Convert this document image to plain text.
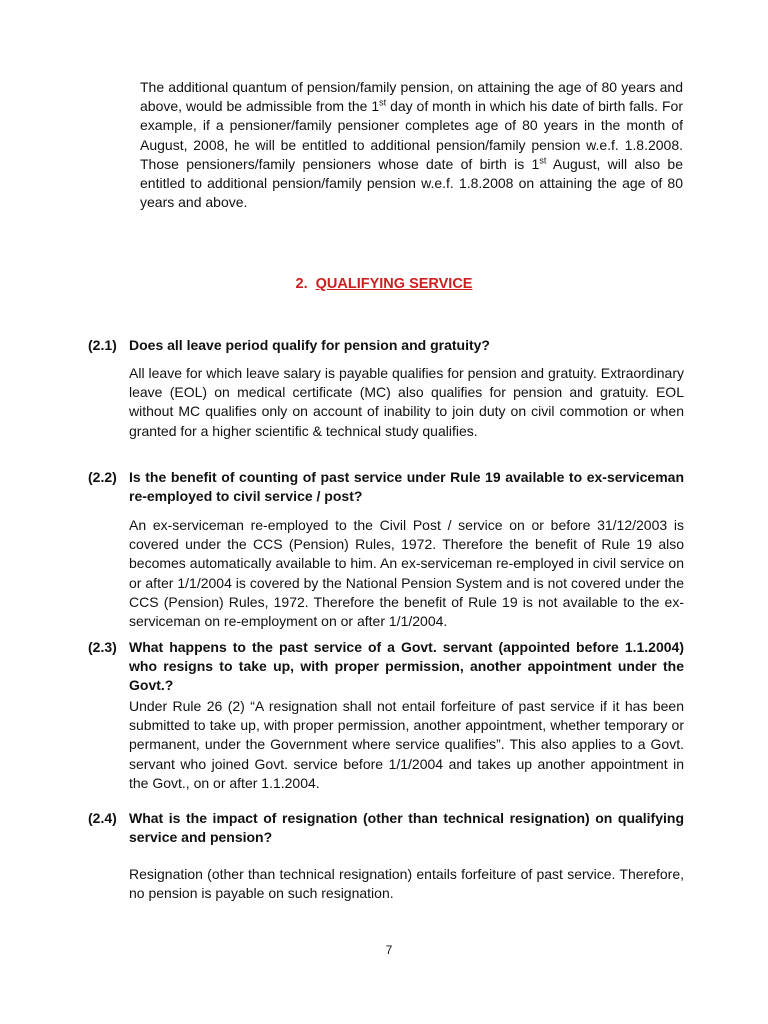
The additional quantum of pension/family pension, on attaining the age of 80 years and above, would be admissible from the 1st day of month in which his date of birth falls. For example, if a pensioner/family pensioner completes age of 80 years in the month of August, 2008, he will be entitled to additional pension/family pension w.e.f. 1.8.2008. Those pensioners/family pensioners whose date of birth is 1st August, will also be entitled to additional pension/family pension w.e.f. 1.8.2008 on attaining the age of 80 years and above.

2. QUALIFYING SERVICE
(2.1) Does all leave period qualify for pension and gratuity?

All leave for which leave salary is payable qualifies for pension and gratuity. Extraordinary leave (EOL) on medical certificate (MC) also qualifies for pension and gratuity. EOL without MC qualifies only on account of inability to join duty on civil commotion or when granted for a higher scientific & technical study qualifies.

(2.2) Is the benefit of counting of past service under Rule 19 available to ex-serviceman re-employed to civil service / post?

An ex-serviceman re-employed to the Civil Post / service on or before 31/12/2003 is covered under the CCS (Pension) Rules, 1972. Therefore the benefit of Rule 19 also becomes automatically available to him. An ex-serviceman re-employed in civil service on or after 1/1/2004 is covered by the National Pension System and is not covered under the CCS (Pension) Rules, 1972. Therefore the benefit of Rule 19 is not available to the ex-serviceman on re-employment on or after 1/1/2004.

(2.3) What happens to the past service of a Govt. servant (appointed before 1.1.2004) who resigns to take up, with proper permission, another appointment under the Govt.?

Under Rule 26 (2) “A resignation shall not entail forfeiture of past service if it has been submitted to take up, with proper permission, another appointment, whether temporary or permanent, under the Government where service qualifies”. This also applies to a Govt. servant who joined Govt. service before 1/1/2004 and takes up another appointment in the Govt., on or after 1.1.2004.

(2.4) What is the impact of resignation (other than technical resignation) on qualifying service and pension?

Resignation (other than technical resignation) entails forfeiture of past service. Therefore, no pension is payable on such resignation.

7
